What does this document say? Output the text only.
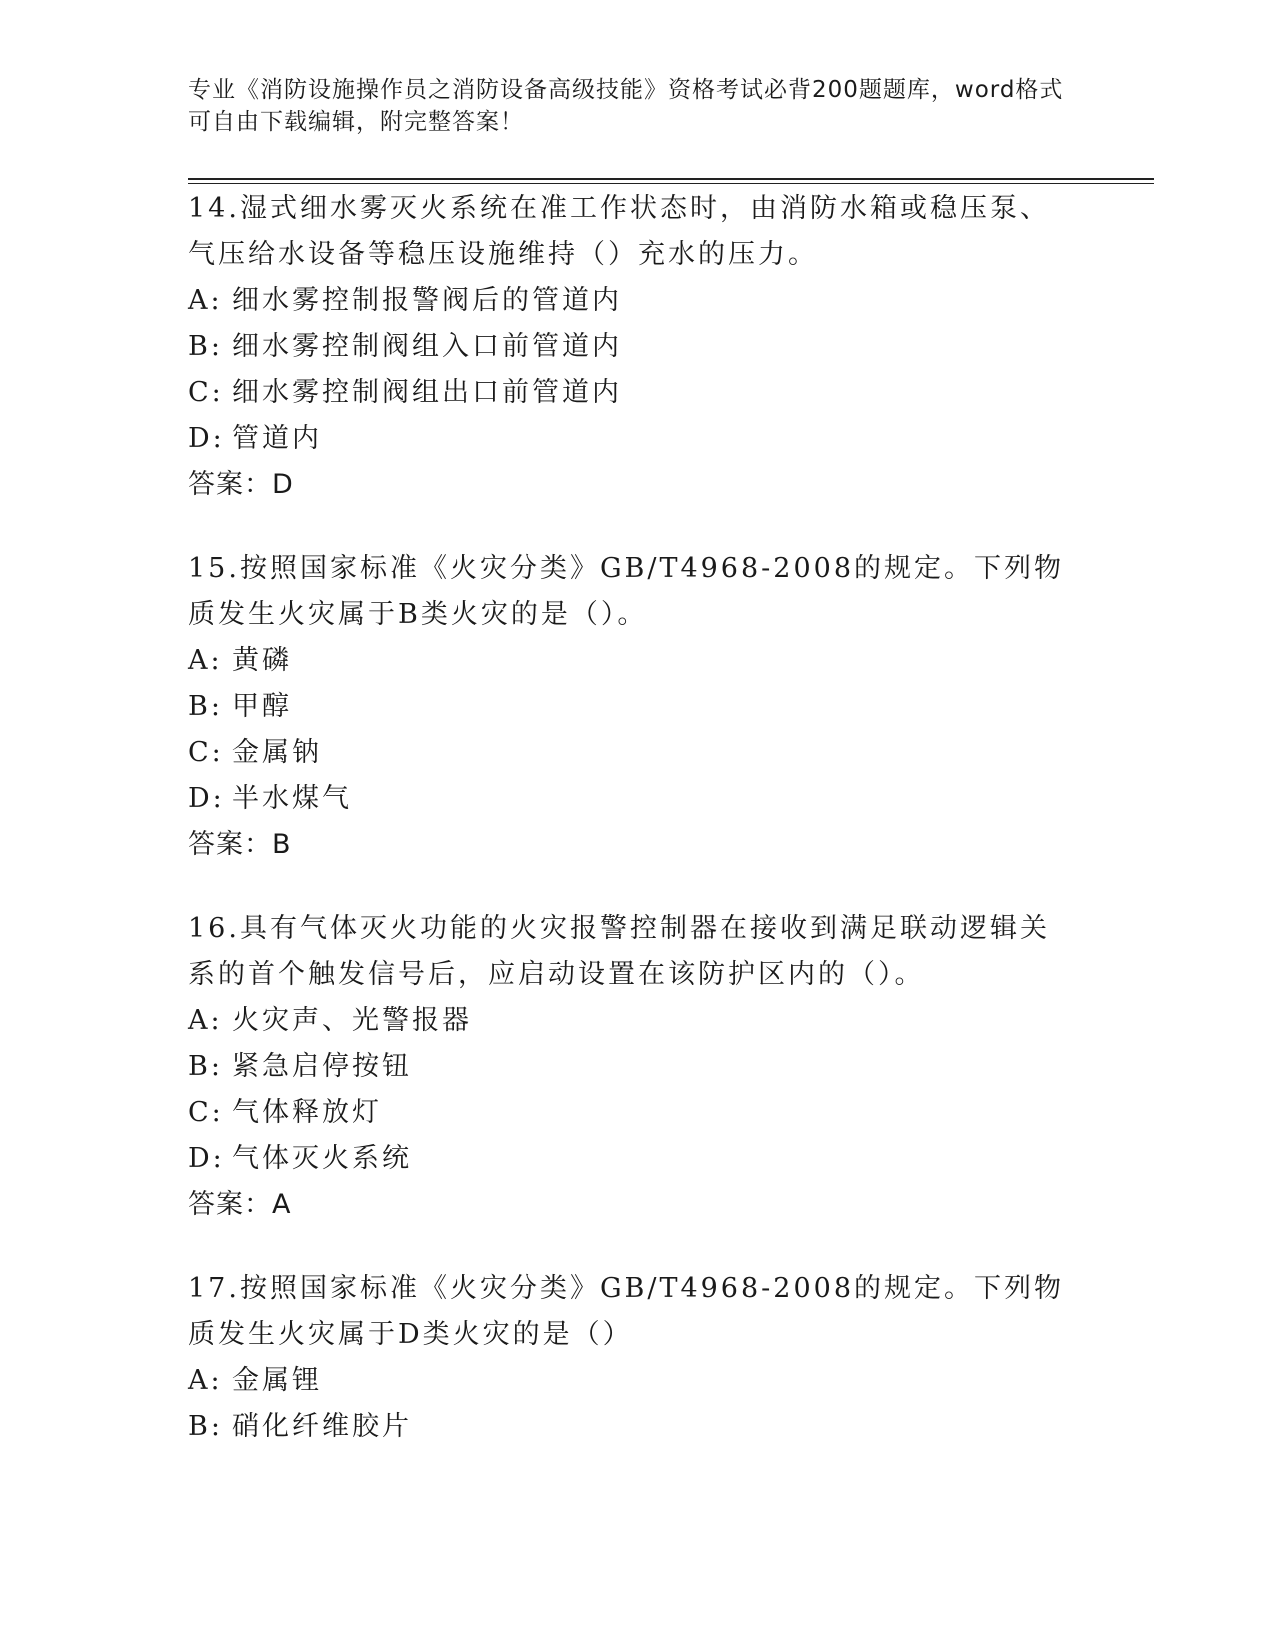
专业《消防设施操作员之消防设备高级技能》资格考试必背200题题库，word格式可自由下载编辑，附完整答案！

14.湿式细水雾灭火系统在准工作状态时，由消防水箱或稳压泵、气压给水设备等稳压设施维持（）充水的压力。

A: 细水雾控制报警阀后的管道内
B: 细水雾控制阀组入口前管道内
C: 细水雾控制阀组出口前管道内
D: 管道内
答案：D

15.按照国家标准《火灾分类》GB/T4968-2008的规定。下列物质发生火灾属于B类火灾的是（）。

A: 黄磷
B: 甲醇
C: 金属钠
D: 半水煤气
答案：B

16.具有气体灭火功能的火灾报警控制器在接收到满足联动逻辑关系的首个触发信号后，应启动设置在该防护区内的（）。

A: 火灾声、光警报器
B: 紧急启停按钮
C: 气体释放灯
D: 气体灭火系统
答案：A

17.按照国家标准《火灾分类》GB/T4968-2008的规定。下列物质发生火灾属于D类火灾的是（）

A: 金属锂
B: 硝化纤维胶片
